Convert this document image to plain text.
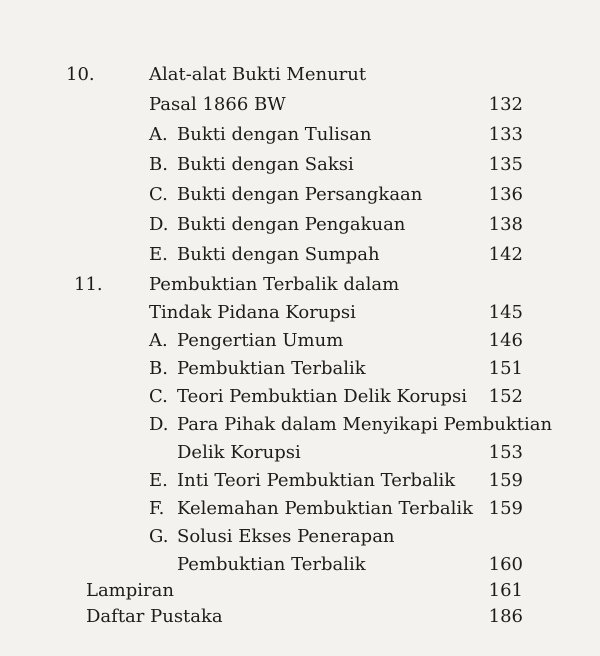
10.	Alat-alat Bukti Menurut
Pasal 1866 BW	132
A. Bukti dengan Tulisan	133
B. Bukti dengan Saksi	135
C. Bukti dengan Persangkaan	136
D. Bukti dengan Pengakuan	138
E. Bukti dengan Sumpah	142
11.	Pembuktian Terbalik dalam
Tindak Pidana Korupsi	145
A. Pengertian Umum	146
B. Pembuktian Terbalik	151
C. Teori Pembuktian Delik Korupsi 152
D. Para Pihak dalam Menyikapi Pembuktian
Delik Korupsi	153
E. Inti Teori Pembuktian Terbalik 159
F. Kelemahan Pembuktian Terbalik 159
G. Solusi Ekses Penerapan
Pembuktian Terbalik	160
Lampiran	161
Daftar Pustaka	186
